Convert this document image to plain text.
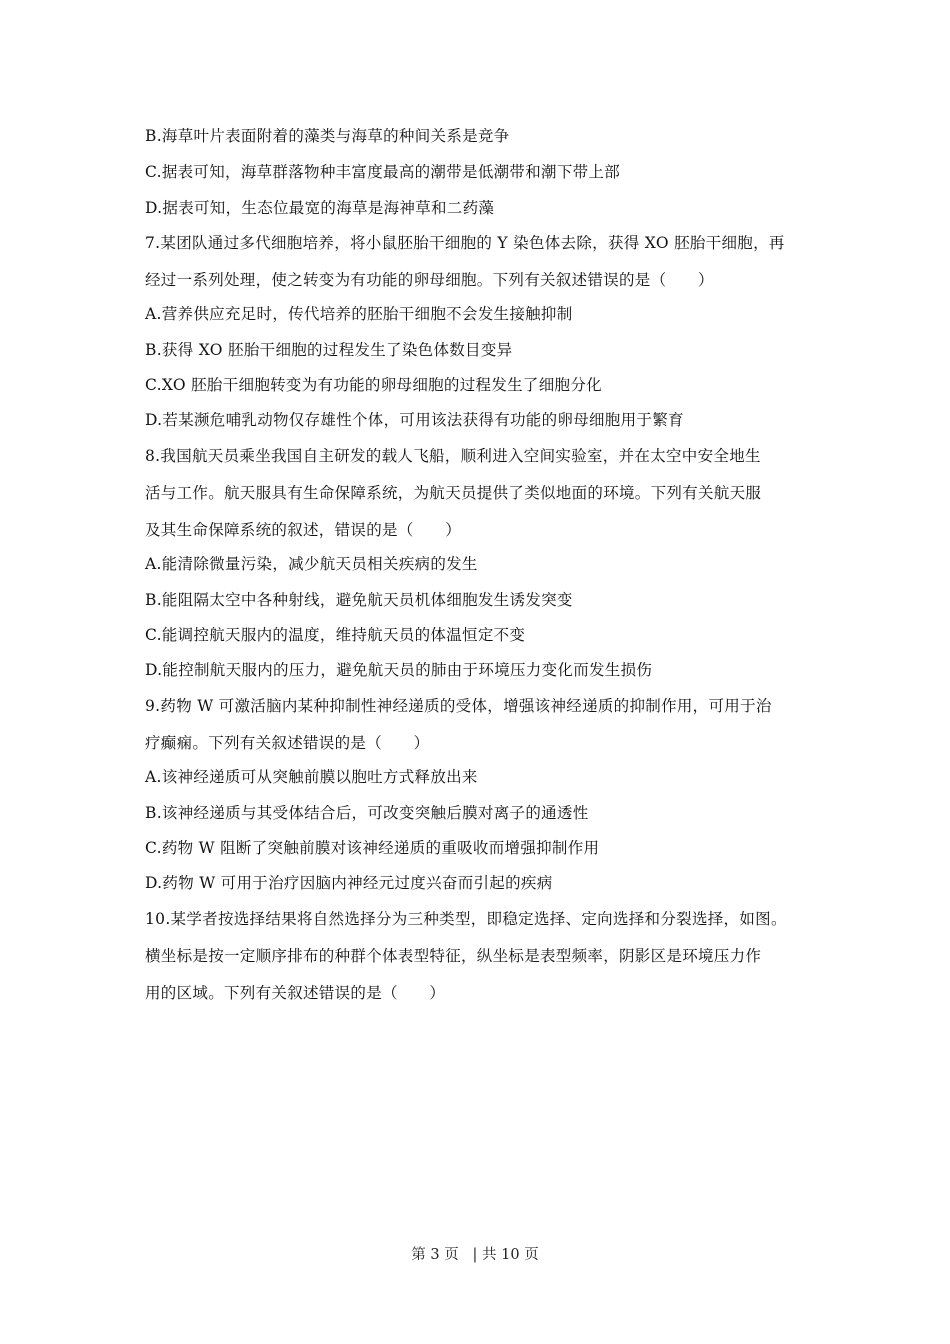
B.海草叶片表面附着的藻类与海草的种间关系是竞争
C.据表可知，海草群落物种丰富度最高的潮带是低潮带和潮下带上部
D.据表可知，生态位最宽的海草是海神草和二药藻
7.某团队通过多代细胞培养，将小鼠胚胎干细胞的 Y 染色体去除，获得 XO 胚胎干细胞，再
经过一系列处理，使之转变为有功能的卵母细胞。下列有关叙述错误的是（　　）
A.营养供应充足时，传代培养的胚胎干细胞不会发生接触抑制
B.获得 XO 胚胎干细胞的过程发生了染色体数目变异
C.XO 胚胎干细胞转变为有功能的卵母细胞的过程发生了细胞分化
D.若某濒危哺乳动物仅存雄性个体，可用该法获得有功能的卵母细胞用于繁育
8.我国航天员乘坐我国自主研发的载人飞船，顺利进入空间实验室，并在太空中安全地生
活与工作。航天服具有生命保障系统，为航天员提供了类似地面的环境。下列有关航天服
及其生命保障系统的叙述，错误的是（　　）
A.能清除微量污染，减少航天员相关疾病的发生
B.能阻隔太空中各种射线，避免航天员机体细胞发生诱发突变
C.能调控航天服内的温度，维持航天员的体温恒定不变
D.能控制航天服内的压力，避免航天员的肺由于环境压力变化而发生损伤
9.药物 W 可激活脑内某种抑制性神经递质的受体，增强该神经递质的抑制作用，可用于治
疗癫痫。下列有关叙述错误的是（　　）
A.该神经递质可从突触前膜以胞吐方式释放出来
B.该神经递质与其受体结合后，可改变突触后膜对离子的通透性
C.药物 W 阻断了突触前膜对该神经递质的重吸收而增强抑制作用
D.药物 W 可用于治疗因脑内神经元过度兴奋而引起的疾病
10.某学者按选择结果将自然选择分为三种类型，即稳定选择、定向选择和分裂选择，如图。
横坐标是按一定顺序排布的种群个体表型特征，纵坐标是表型频率，阴影区是环境压力作
用的区域。下列有关叙述错误的是（　　）
第 3 页 | 共 10 页
